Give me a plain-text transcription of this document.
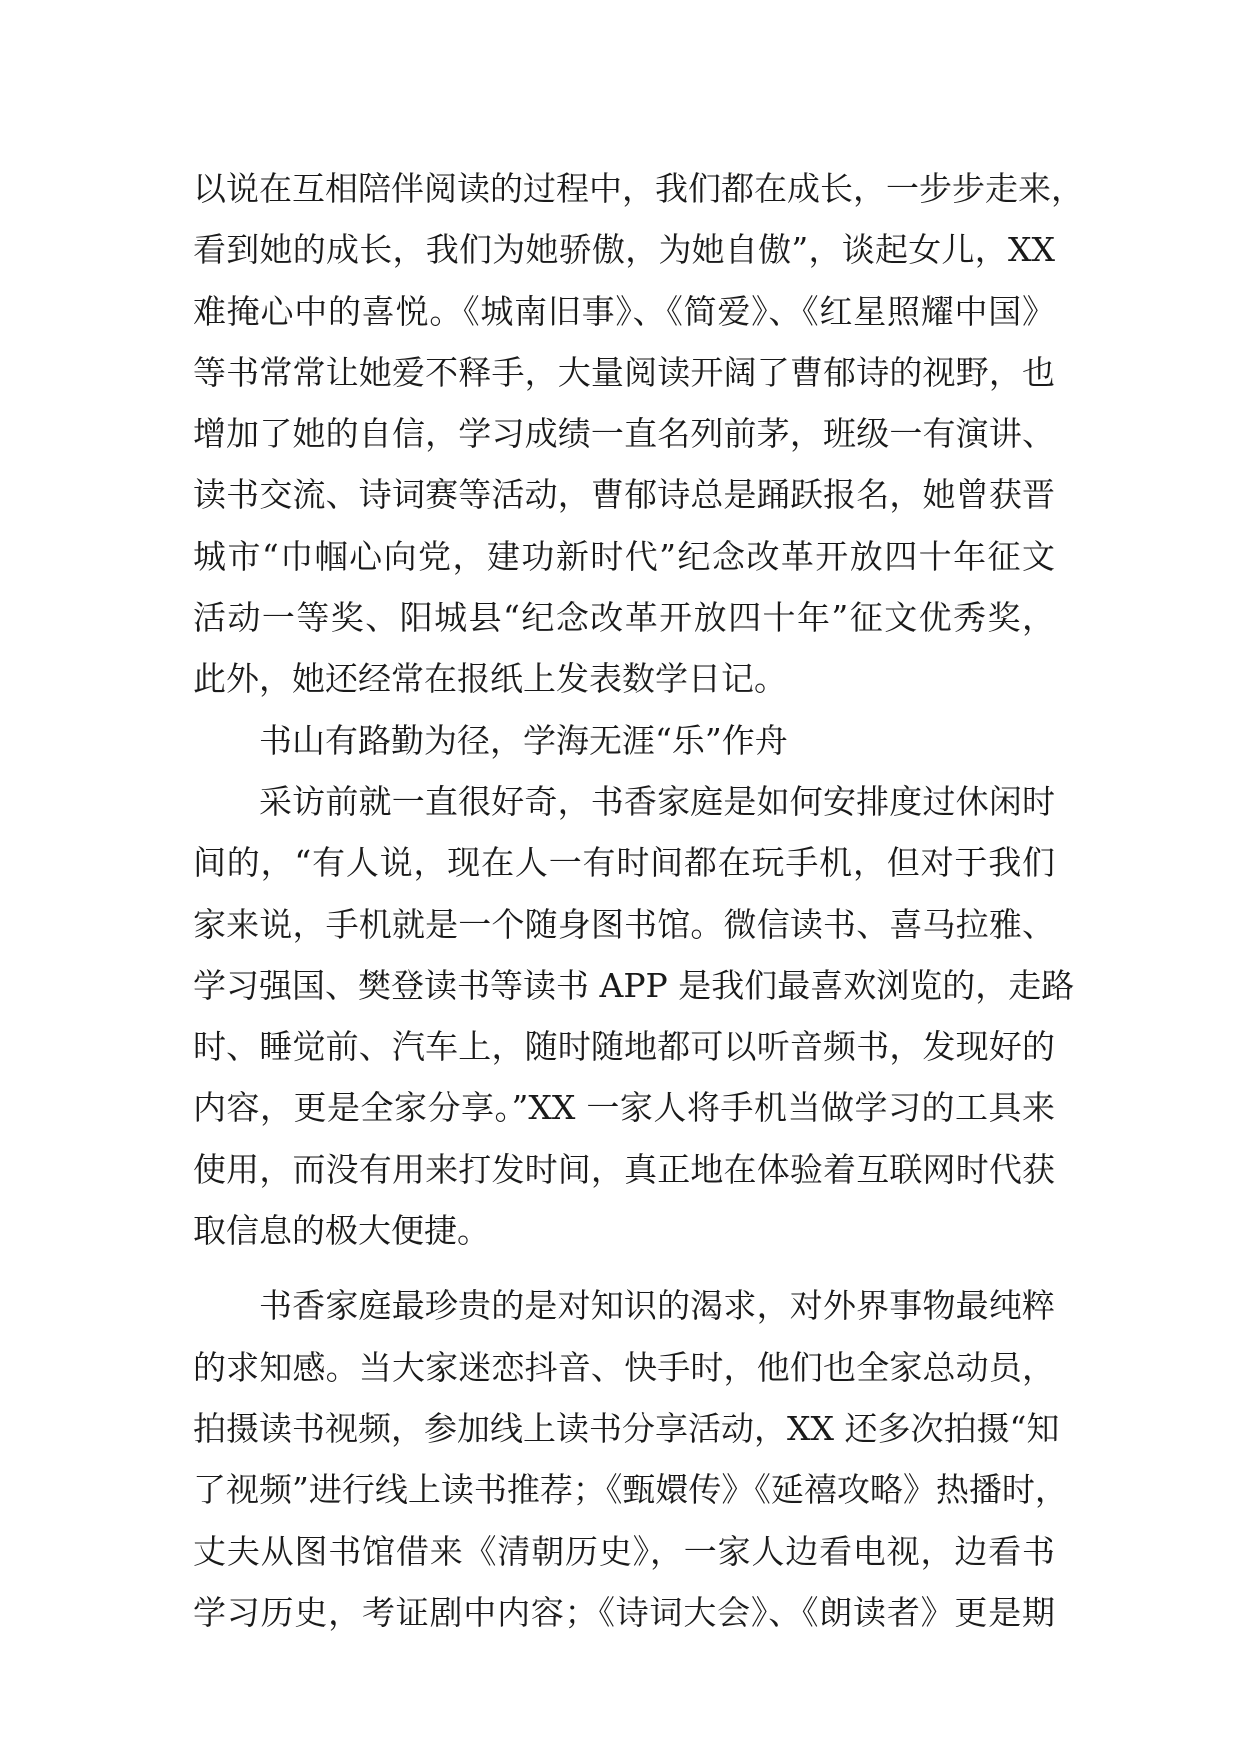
以说在互相陪伴阅读的过程中，我们都在成长，一步步走来，
看到她的成长，我们为她骄傲，为她自傲”，谈起女儿，XX
难掩心中的喜悦。《城南旧事》、《简爱》、《红星照耀中国》
等书常常让她爱不释手，大量阅读开阔了曹郁诗的视野，也
增加了她的自信，学习成绩一直名列前茅，班级一有演讲、
读书交流、诗词赛等活动，曹郁诗总是踊跃报名，她曾获晋
城市“巾帼心向党，建功新时代”纪念改革开放四十年征文
活动一等奖、阳城县“纪念改革开放四十年”征文优秀奖，
此外，她还经常在报纸上发表数学日记。
书山有路勤为径，学海无涯“乐”作舟
采访前就一直很好奇，书香家庭是如何安排度过休闲时
间的，“有人说，现在人一有时间都在玩手机，但对于我们
家来说，手机就是一个随身图书馆。微信读书、喜马拉雅、
学习强国、樊登读书等读书 APP 是我们最喜欢浏览的，走路
时、睡觉前、汽车上，随时随地都可以听音频书，发现好的
内容，更是全家分享。”XX 一家人将手机当做学习的工具来
使用，而没有用来打发时间，真正地在体验着互联网时代获
取信息的极大便捷。
书香家庭最珍贵的是对知识的渴求，对外界事物最纯粹
的求知感。当大家迷恋抖音、快手时，他们也全家总动员，
拍摄读书视频，参加线上读书分享活动，XX 还多次拍摄“知
了视频”进行线上读书推荐；《甄嬛传》《延禧攻略》热播时，
丈夫从图书馆借来《清朝历史》，一家人边看电视，边看书
学习历史，考证剧中内容；《诗词大会》、《朗读者》更是期
